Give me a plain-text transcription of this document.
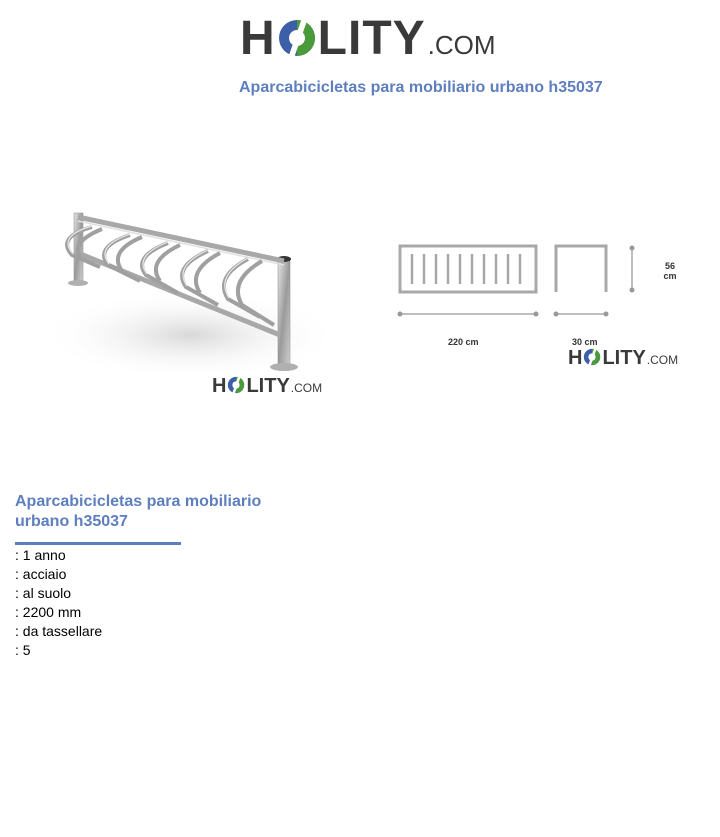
H LITY .COM
Aparcabicicletas para mobiliario urbano h35037
H LITY .COM
56
cm
220 cm	30 cm
H LITY .COM
Aparcabicicletas para mobiliario urbano h35037
: 1 anno
: acciaio
: al suolo
: 2200 mm
: da tassellare
: 5
